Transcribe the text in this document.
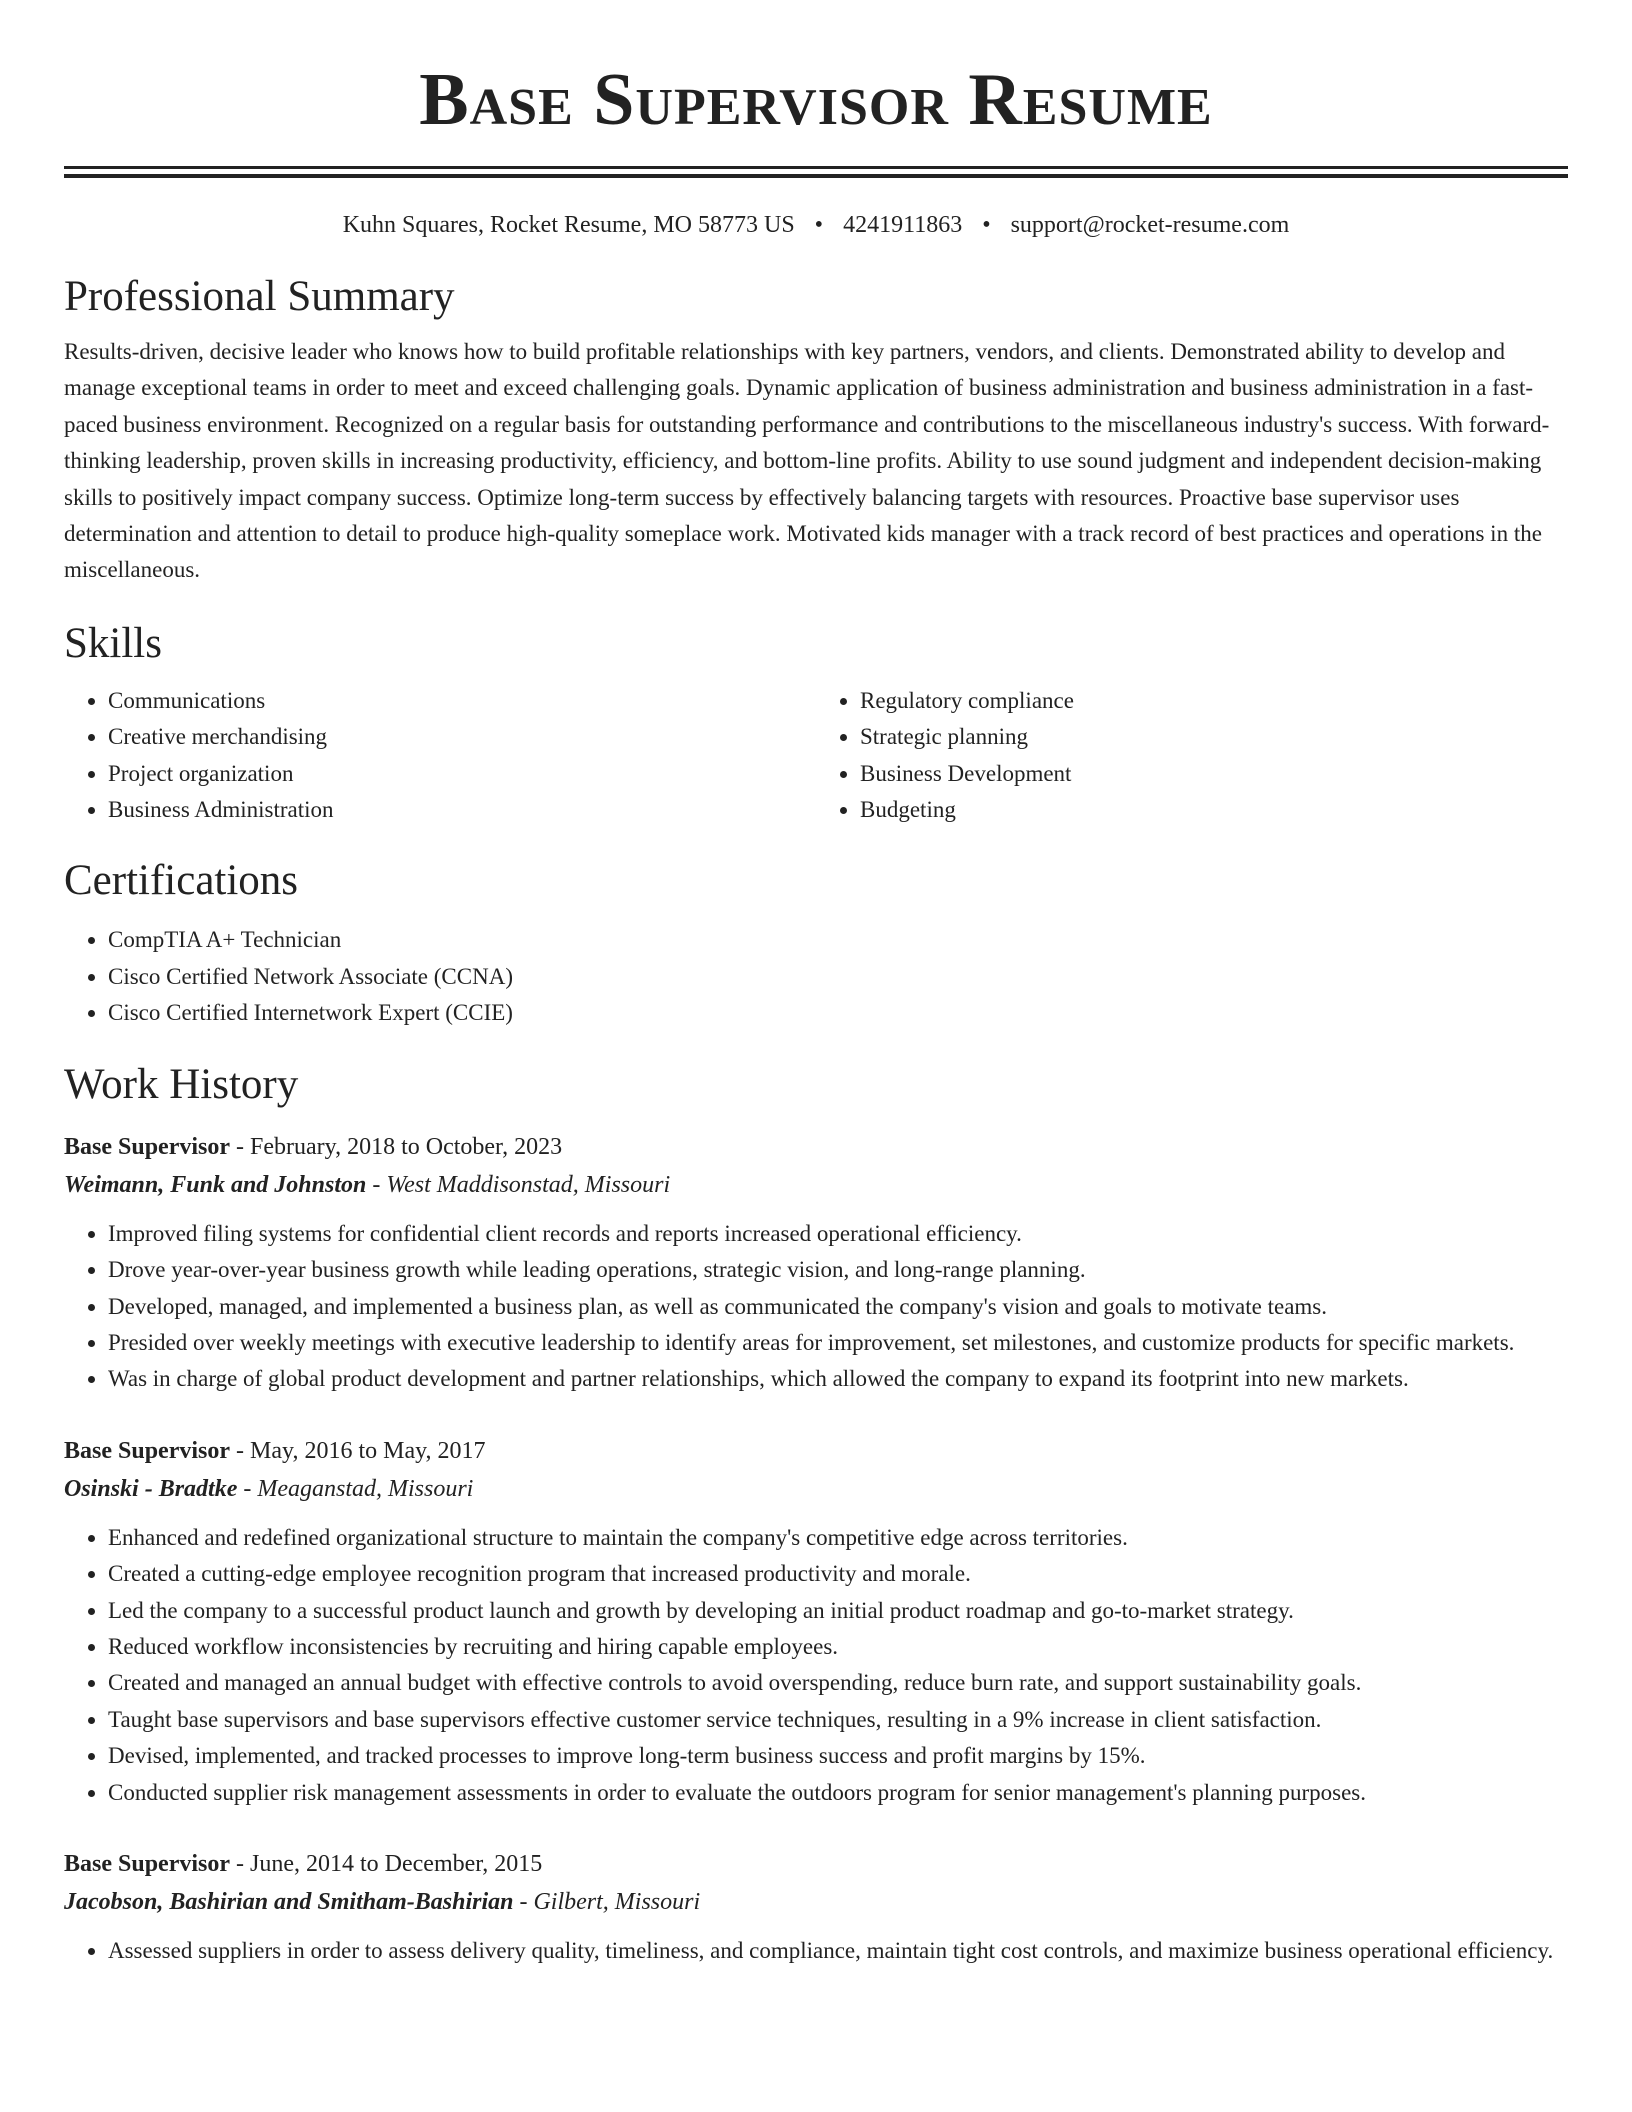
Base Supervisor Resume
Kuhn Squares, Rocket Resume, MO 58773 US • 4241911863 • support@rocket-resume.com
Professional Summary

Results-driven, decisive leader who knows how to build profitable relationships with key partners, vendors, and clients. Demonstrated ability to develop and manage exceptional teams in order to meet and exceed challenging goals. Dynamic application of business administration and business administration in a fast-paced business environment. Recognized on a regular basis for outstanding performance and contributions to the miscellaneous industry's success. With forward-thinking leadership, proven skills in increasing productivity, efficiency, and bottom-line profits. Ability to use sound judgment and independent decision-making skills to positively impact company success. Optimize long-term success by effectively balancing targets with resources. Proactive base supervisor uses determination and attention to detail to produce high-quality someplace work. Motivated kids manager with a track record of best practices and operations in the miscellaneous.

Skills
• Communications
• Creative merchandising
• Project organization
• Business Administration
• Regulatory compliance
• Strategic planning
• Business Development
• Budgeting
Certifications
• CompTIA A+ Technician
• Cisco Certified Network Associate (CCNA)
• Cisco Certified Internetwork Expert (CCIE)
Work History
Base Supervisor - February, 2018 to October, 2023
Weimann, Funk and Johnston - West Maddisonstad, Missouri
• Improved filing systems for confidential client records and reports increased operational efficiency.
• Drove year-over-year business growth while leading operations, strategic vision, and long-range planning.
• Developed, managed, and implemented a business plan, as well as communicated the company's vision and goals to motivate teams.
• Presided over weekly meetings with executive leadership to identify areas for improvement, set milestones, and customize products for specific markets.
• Was in charge of global product development and partner relationships, which allowed the company to expand its footprint into new markets.
Base Supervisor - May, 2016 to May, 2017
Osinski - Bradtke - Meaganstad, Missouri
• Enhanced and redefined organizational structure to maintain the company's competitive edge across territories.
• Created a cutting-edge employee recognition program that increased productivity and morale.
• Led the company to a successful product launch and growth by developing an initial product roadmap and go-to-market strategy.
• Reduced workflow inconsistencies by recruiting and hiring capable employees.
• Created and managed an annual budget with effective controls to avoid overspending, reduce burn rate, and support sustainability goals.
• Taught base supervisors and base supervisors effective customer service techniques, resulting in a 9% increase in client satisfaction.
• Devised, implemented, and tracked processes to improve long-term business success and profit margins by 15%.
• Conducted supplier risk management assessments in order to evaluate the outdoors program for senior management's planning purposes.
Base Supervisor - June, 2014 to December, 2015
Jacobson, Bashirian and Smitham-Bashirian - Gilbert, Missouri
• Assessed suppliers in order to assess delivery quality, timeliness, and compliance, maintain tight cost controls, and maximize business operational efficiency.
